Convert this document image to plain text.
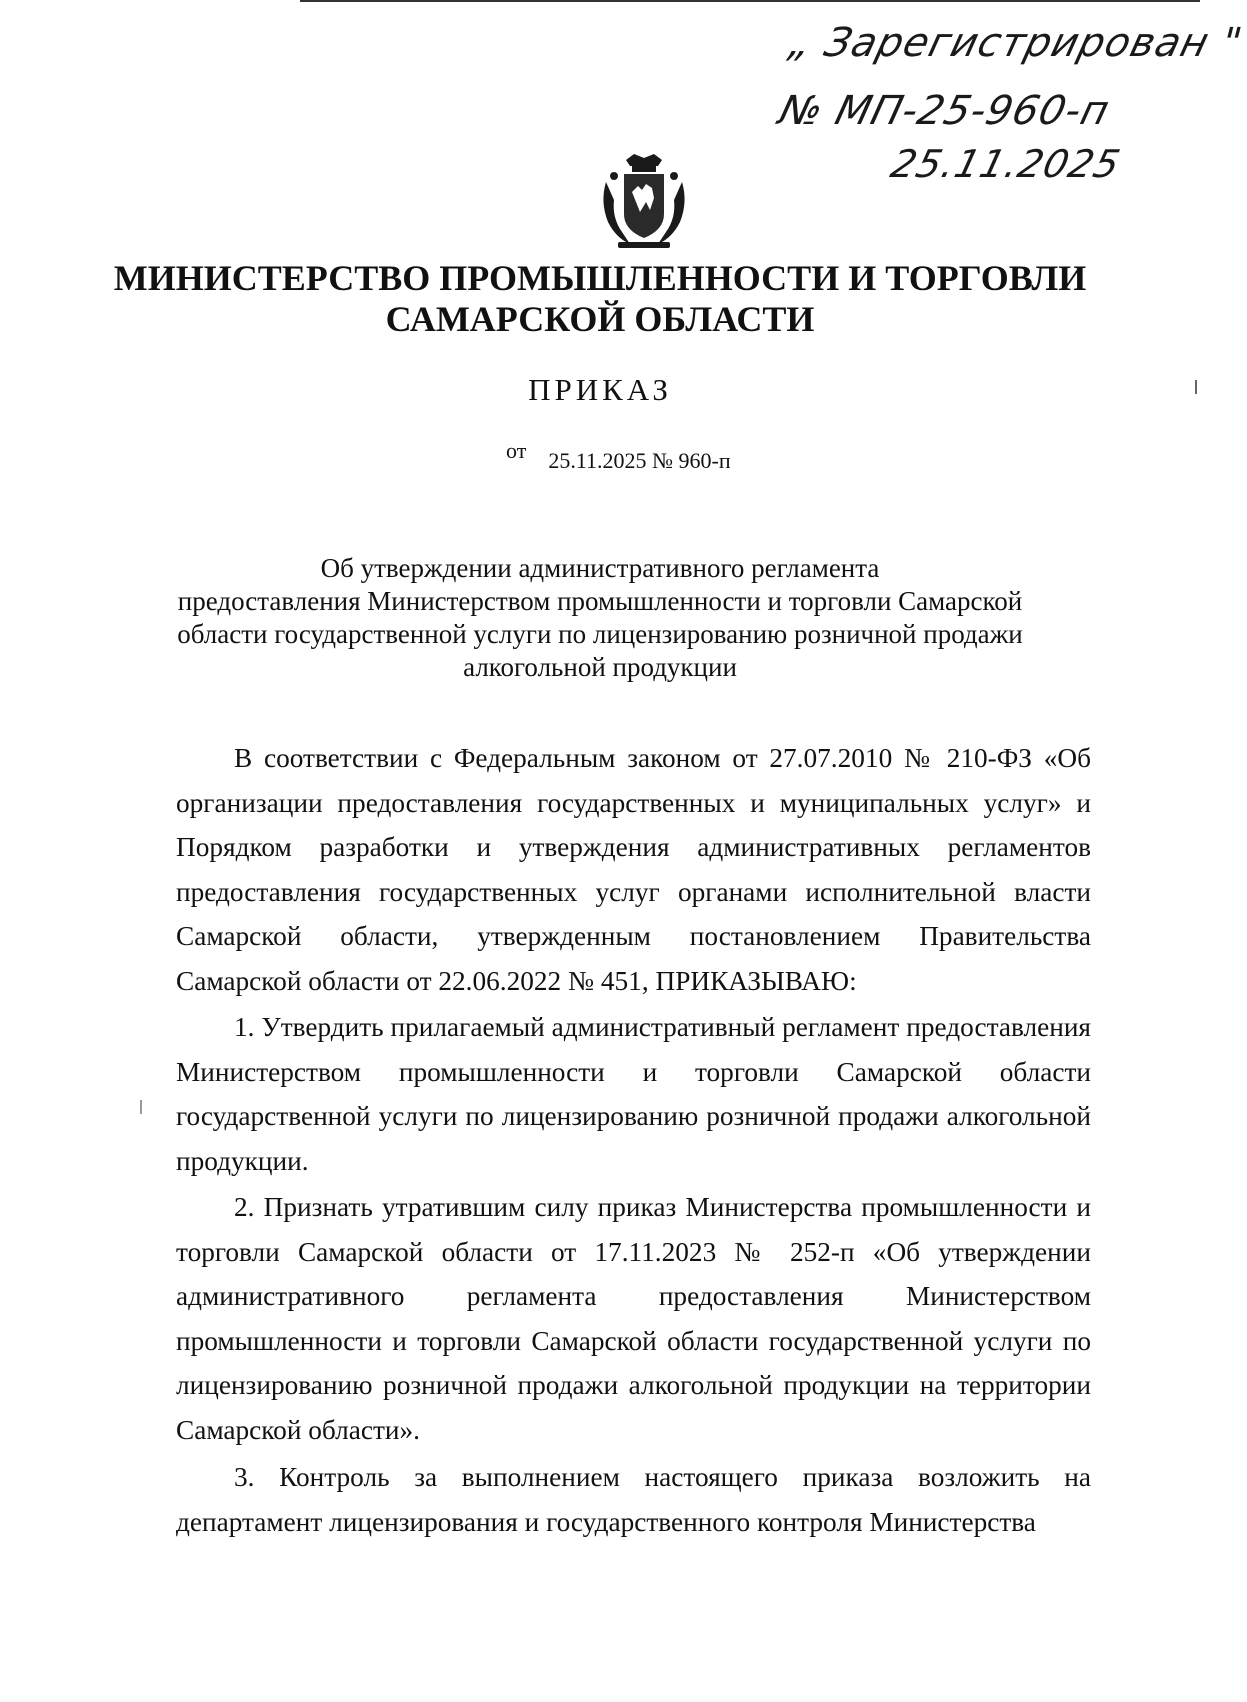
„ Зарегистрирован "
№ МП-25-960-п
25.11.2025
МИНИСТЕРСТВО ПРОМЫШЛЕННОСТИ И ТОРГОВЛИ
САМАРСКОЙ ОБЛАСТИ
ПРИКАЗ
от 25.11.2025 № 960-п
Об утверждении административного регламента
предоставления Министерством промышленности и торговли Самарской
области государственной услуги по лицензированию розничной продажи
алкогольной продукции

В соответствии с Федеральным законом от 27.07.2010 № 210-ФЗ «Об организации предоставления государственных и муниципальных услуг» и Порядком разработки и утверждения административных регламентов предоставления государственных услуг органами исполнительной власти Самарской области, утвержденным постановлением Правительства Самарской области от 22.06.2022 № 451, ПРИКАЗЫВАЮ:

1. Утвердить прилагаемый административный регламент предоставления Министерством промышленности и торговли Самарской области государственной услуги по лицензированию розничной продажи алкогольной продукции.

2. Признать утратившим силу приказ Министерства промышленности и торговли Самарской области от 17.11.2023 № 252-п «Об утверждении административного регламента предоставления Министерством промышленности и торговли Самарской области государственной услуги по лицензированию розничной продажи алкогольной продукции на территории Самарской области».

3. Контроль за выполнением настоящего приказа возложить на департамент лицензирования и государственного контроля Министерства
